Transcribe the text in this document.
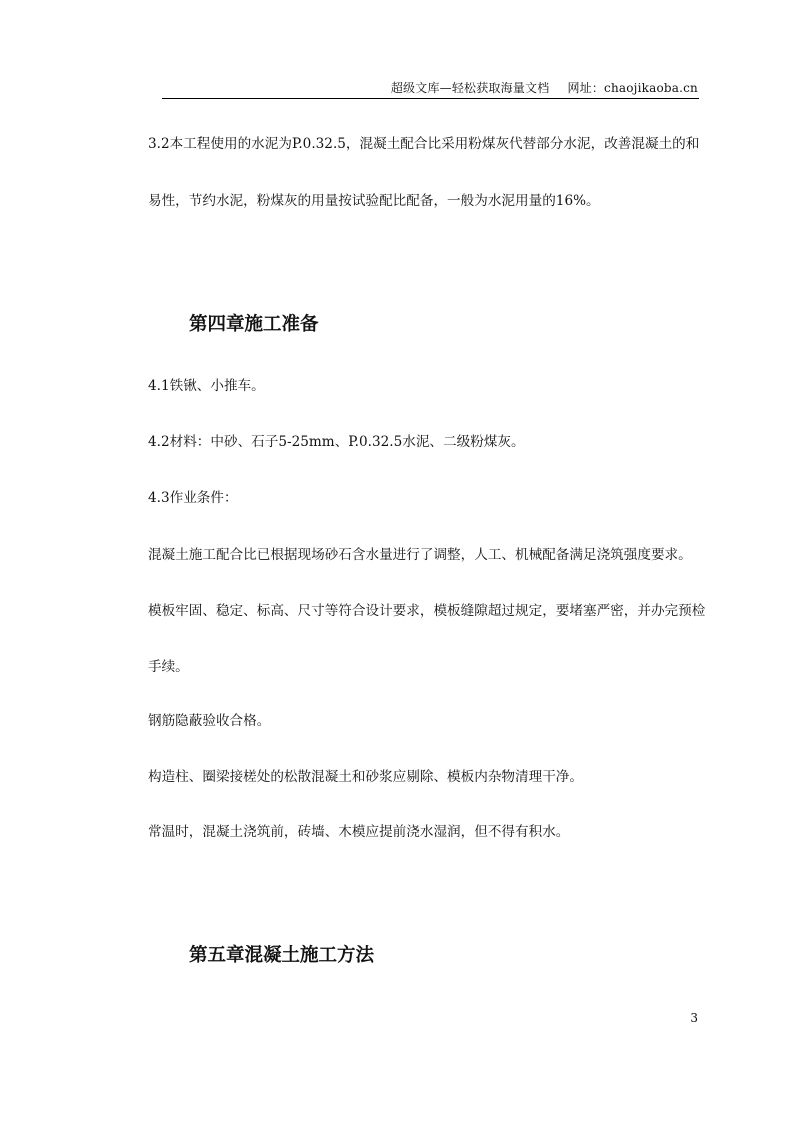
超级文库—轻松获取海量文档 网址：chaojikaoba.cn
3.2本工程使用的水泥为P.0.32.5，混凝土配合比采用粉煤灰代替部分水泥，改善混凝土的和
易性，节约水泥，粉煤灰的用量按试验配比配备，一般为水泥用量的16%。
第四章施工准备
4.1铁锹、小推车。
4.2材料：中砂、石子5-25mm、P.0.32.5水泥、二级粉煤灰。
4.3作业条件：
混凝土施工配合比已根据现场砂石含水量进行了调整，人工、机械配备满足浇筑强度要求。
模板牢固、稳定、标高、尺寸等符合设计要求，模板缝隙超过规定，要堵塞严密，并办完预检
手续。
钢筋隐蔽验收合格。
构造柱、圈梁接槎处的松散混凝土和砂浆应剔除、模板内杂物清理干净。
常温时，混凝土浇筑前，砖墙、木模应提前浇水湿润，但不得有积水。
第五章混凝土施工方法
3
